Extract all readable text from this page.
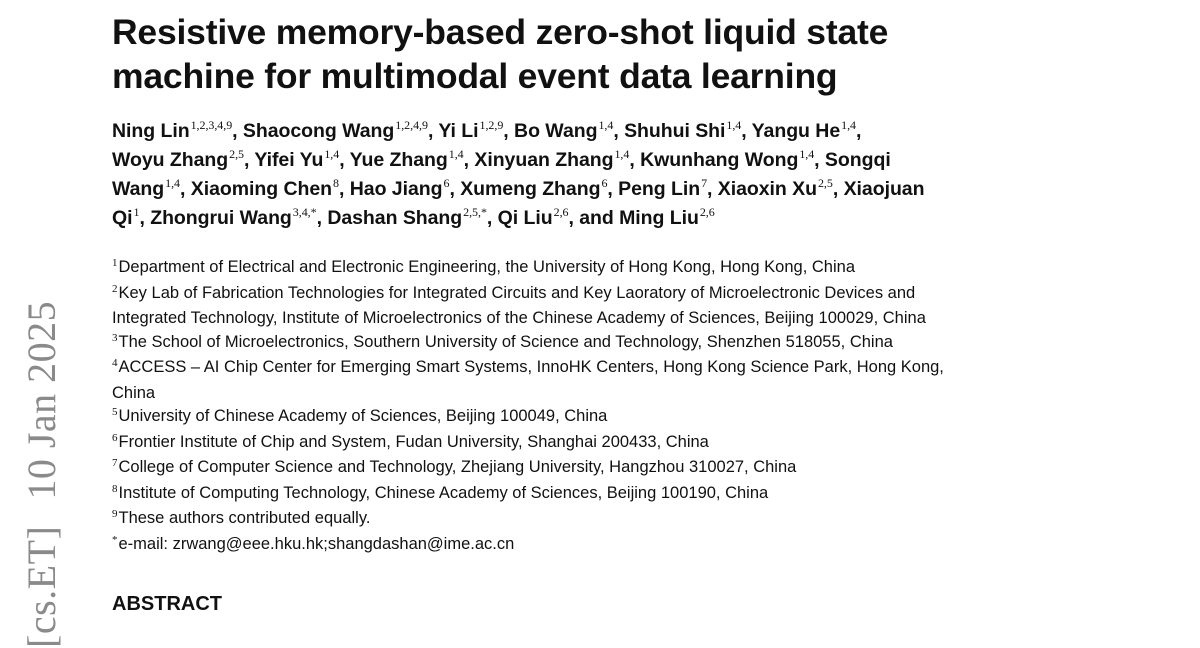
[cs.ET]10 Jan 2025
Resistive memory-based zero-shot liquid state
machine for multimodal event data learning
Ning Lin$^{1,2,3,4,9}$, Shaocong Wang$^{1,2,4,9}$, Yi Li$^{1,2,9}$, Bo Wang$^{1,4}$, Shuhui Shi$^{1,4}$, Yangu He$^{1,4}$,
Woyu Zhang$^{2,5}$, Yifei Yu$^{1,4}$, Yue Zhang$^{1,4}$, Xinyuan Zhang$^{1,4}$, Kwunhang Wong$^{1,4}$, Songqi
Wang$^{1,4}$, Xiaoming Chen$^8$, Hao Jiang$^6$, Xumeng Zhang$^6$, Peng Lin$^7$, Xiaoxin Xu$^{2,5}$, Xiaojuan
Qi$^1$, Zhongrui Wang$^{3,4,*}$, Dashan Shang$^{2,5,*}$, Qi Liu$^{2,6}$, and Ming Liu$^{2,6}$
$^1$Department of Electrical and Electronic Engineering, the University of Hong Kong, Hong Kong, China
$^2$Key Lab of Fabrication Technologies for Integrated Circuits and Key Laoratory of Microelectronic Devices and
Integrated Technology, Institute of Microelectronics of the Chinese Academy of Sciences, Beijing 100029, China
$^3$The School of Microelectronics, Southern University of Science and Technology, Shenzhen 518055, China
$^4$ACCESS – AI Chip Center for Emerging Smart Systems, InnoHK Centers, Hong Kong Science Park, Hong Kong,
China
$^5$University of Chinese Academy of Sciences, Beijing 100049, China
$^6$Frontier Institute of Chip and System, Fudan University, Shanghai 200433, China
$^7$College of Computer Science and Technology, Zhejiang University, Hangzhou 310027, China
$^8$Institute of Computing Technology, Chinese Academy of Sciences, Beijing 100190, China
$^9$These authors contributed equally.
*e-mail: zrwang@eee.hku.hk;shangdashan@ime.ac.cn
ABSTRACT
